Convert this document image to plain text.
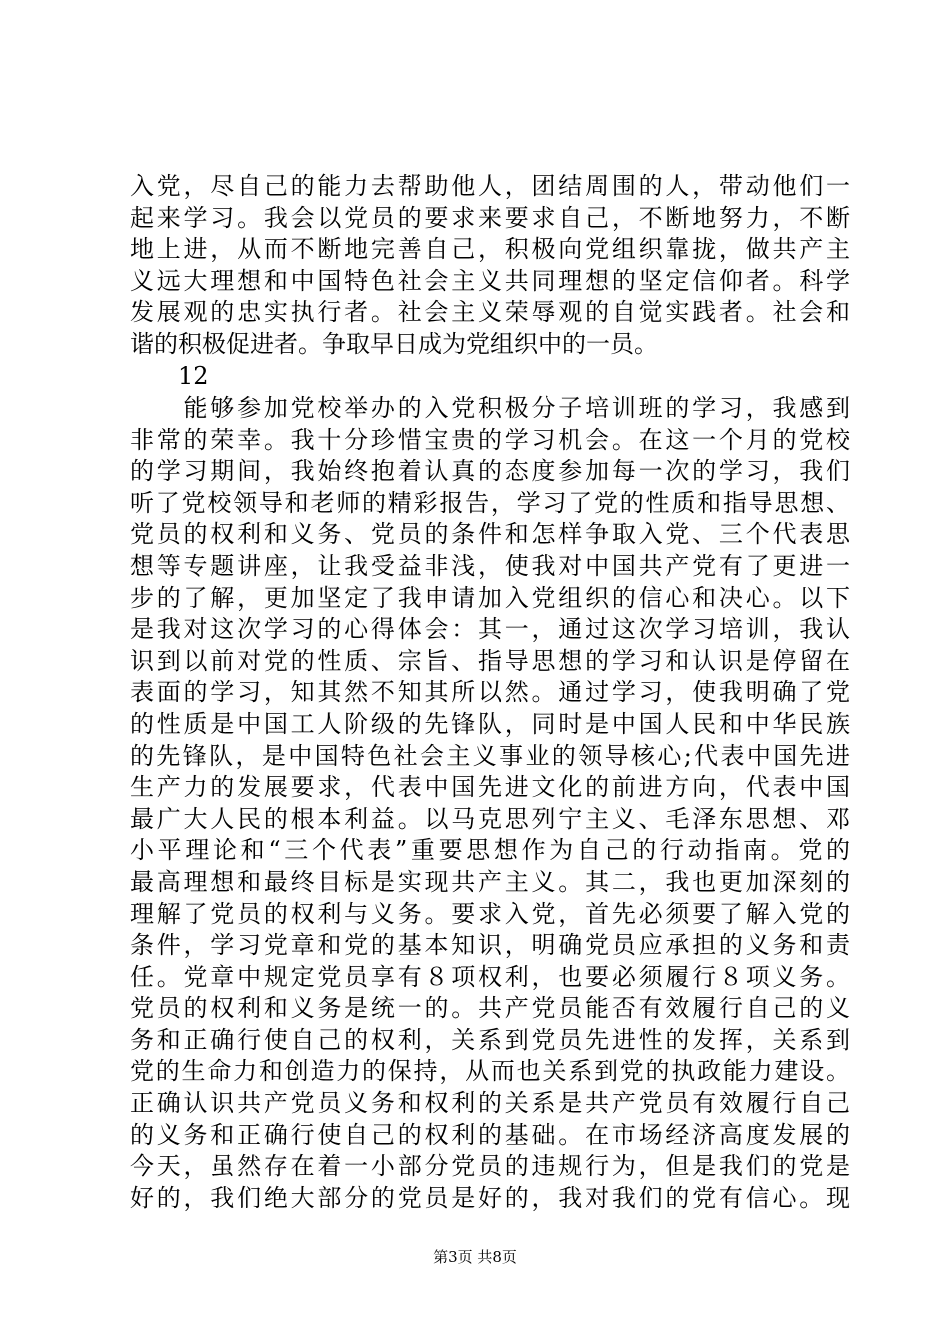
入党，尽自己的能力去帮助他人，团结周围的人，带动他们一
起来学习。我会以党员的要求来要求自己，不断地努力，不断
地上进，从而不断地完善自己，积极向党组织靠拢，做共产主
义远大理想和中国特色社会主义共同理想的坚定信仰者。科学
发展观的忠实执行者。社会主义荣辱观的自觉实践者。社会和
谐的积极促进者。争取早日成为党组织中的一员。

12

　　能够参加党校举办的入党积极分子培训班的学习，我感到
非常的荣幸。我十分珍惜宝贵的学习机会。在这一个月的党校
的学习期间，我始终抱着认真的态度参加每一次的学习，我们
听了党校领导和老师的精彩报告，学习了党的性质和指导思想、
党员的权利和义务、党员的条件和怎样争取入党、三个代表思
想等专题讲座，让我受益非浅，使我对中国共产党有了更进一
步的了解，更加坚定了我申请加入党组织的信心和决心。以下
是我对这次学习的心得体会：其一，通过这次学习培训，我认
识到以前对党的性质、宗旨、指导思想的学习和认识是停留在
表面的学习，知其然不知其所以然。通过学习，使我明确了党
的性质是中国工人阶级的先锋队，同时是中国人民和中华民族
的先锋队，是中国特色社会主义事业的领导核心;代表中国先进
生产力的发展要求，代表中国先进文化的前进方向，代表中国
最广大人民的根本利益。以马克思列宁主义、毛泽东思想、邓
小平理论和“三个代表”重要思想作为自己的行动指南。党的
最高理想和最终目标是实现共产主义。其二，我也更加深刻的
理解了党员的权利与义务。要求入党，首先必须要了解入党的
条件，学习党章和党的基本知识，明确党员应承担的义务和责
任。党章中规定党员享有８项权利，也要必须履行８项义务。
党员的权利和义务是统一的。共产党员能否有效履行自己的义
务和正确行使自己的权利，关系到党员先进性的发挥，关系到
党的生命力和创造力的保持，从而也关系到党的执政能力建设。
正确认识共产党员义务和权利的关系是共产党员有效履行自己
的义务和正确行使自己的权利的基础。在市场经济高度发展的
今天，虽然存在着一小部分党员的违规行为，但是我们的党是
好的，我们绝大部分的党员是好的，我对我们的党有信心。现

第3页 共8页
